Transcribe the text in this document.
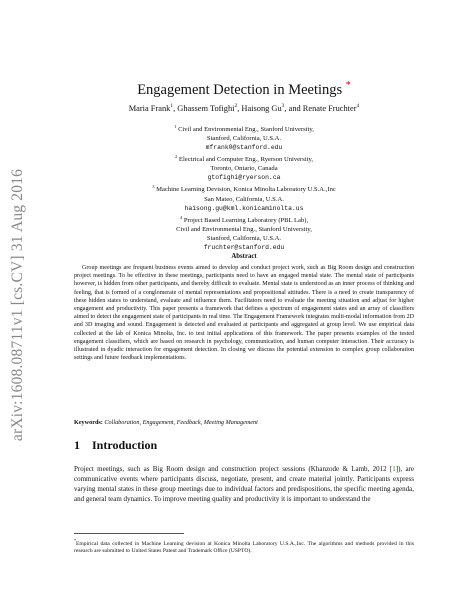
arXiv:1608.08711v1 [cs.CV] 31 Aug 2016
Engagement Detection in Meetings *
Maria Frank$^1$, Ghassem Tofighi$^2$, Haisong Gu$^3$, and Renate Fruchter$^4$
$^1$ Civil and Environmental Eng., Stanford University,
Stanford, California, U.S.A.
mfrank0@stanford.edu
$^2$ Electrical and Computer Eng., Ryerson University,
Toronto, Ontario, Canada
gtofighi@ryerson.ca
$^3$ Machine Learning Devision, Konica Minolta Laboratory U.S.A.,Inc
San Mateo, California, U.S.A.
haisong.gu@kml.konicaminolta.us
$^4$ Project Based Learning Laboratory (PBL Lab),
Civil and Environmental Eng., Stanford University,
Stanford, California, U.S.A.
fruchter@stanford.edu
Abstract
Group meetings are frequent business events aimed to develop and conduct project work, such as Big Room design and construction project meetings. To be effective in these meetings, participants need to have an engaged mental state. The mental state of participants however, is hidden from other participants, and thereby difficult to evaluate. Mental state is understood as an inner process of thinking and feeling, that is formed of a conglomerate of mental representations and propositional attitudes. There is a need to create transparency of these hidden states to understand, evaluate and influence them. Facilitators need to evaluate the meeting situation and adjust for higher engagement and productivity. This paper presents a framework that defines a spectrum of engagement states and an array of classifiers aimed to detect the engagement state of participants in real time. The Engagement Framework integrates multi-modal information from 2D and 3D imaging and sound. Engagement is detected and evaluated at participants and aggregated at group level. We use empirical data collected at the lab of Konica Minolta, Inc. to test initial applications of this framework. The paper presents examples of the tested engagement classifiers, which are based on research in psychology, communication, and human computer interaction. Their accuracy is illustrated in dyadic interaction for engagement detection. In closing we discuss the potential extension to complex group collaboration settings and future feedback implementations.
Keywords: Collaboration, Engagement, Feedback, Meeting Management
1 Introduction
Project meetings, such as Big Room design and construction project sessions (Khanzode & Lamb, 2012 [1]), are communicative events where participants discuss, negotiate, present, and create material jointly. Participants express varying mental states in these group meetings due to individual factors and predispositions, the specific meeting agenda, and general team dynamics. To improve meeting quality and productivity it is important to understand the
*Empirical data collected in Machine Learning devision at Konica Minolta Laboratory U.S.A.,Inc. The algorithms and methods provided in this research are submitted to United States Patent and Trademark Office (USPTO).
